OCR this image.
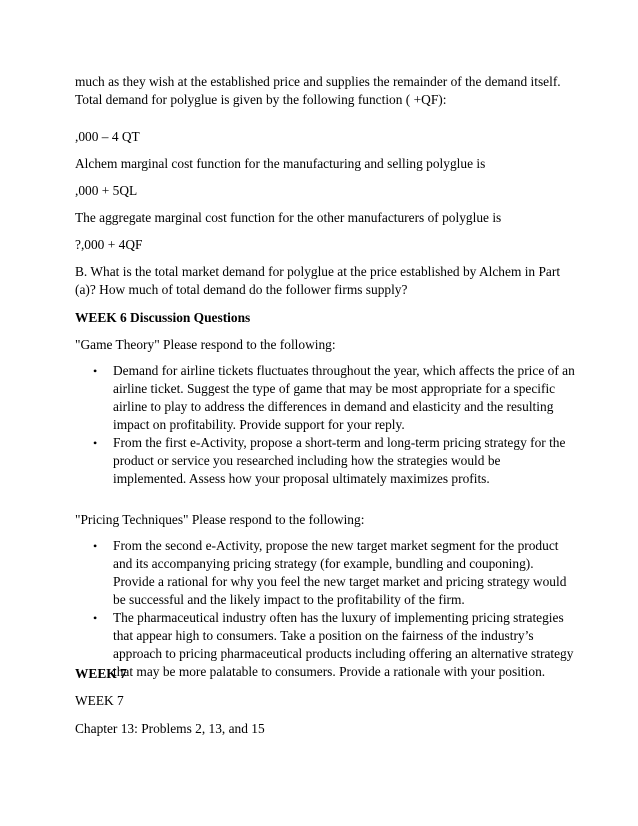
much as they wish at the established price and supplies the remainder of the demand itself. Total demand for polyglue is given by the following function ( +QF):

,000 – 4 QT

Alchem marginal cost function for the manufacturing and selling polyglue is

,000 + 5QL

The aggregate marginal cost function for the other manufacturers of polyglue is

?,000 + 4QF

B. What is the total market demand for polyglue at the price established by Alchem in Part (a)? How much of total demand do the follower firms supply?

WEEK 6 Discussion Questions

"Game Theory" Please respond to the following:

• Demand for airline tickets fluctuates throughout the year, which affects the price of an airline ticket. Suggest the type of game that may be most appropriate for a specific airline to play to address the differences in demand and elasticity and the resulting impact on profitability. Provide support for your reply.
• From the first e-Activity, propose a short-term and long-term pricing strategy for the product or service you researched including how the strategies would be implemented. Assess how your proposal ultimately maximizes profits.

"Pricing Techniques" Please respond to the following:

• From the second e-Activity, propose the new target market segment for the product and its accompanying pricing strategy (for example, bundling and couponing). Provide a rational for why you feel the new target market and pricing strategy would be successful and the likely impact to the profitability of the firm.
• The pharmaceutical industry often has the luxury of implementing pricing strategies that appear high to consumers. Take a position on the fairness of the industry’s approach to pricing pharmaceutical products including offering an alternative strategy that may be more palatable to consumers. Provide a rationale with your position.

WEEK 7

WEEK 7

Chapter 13: Problems 2, 13, and 15
